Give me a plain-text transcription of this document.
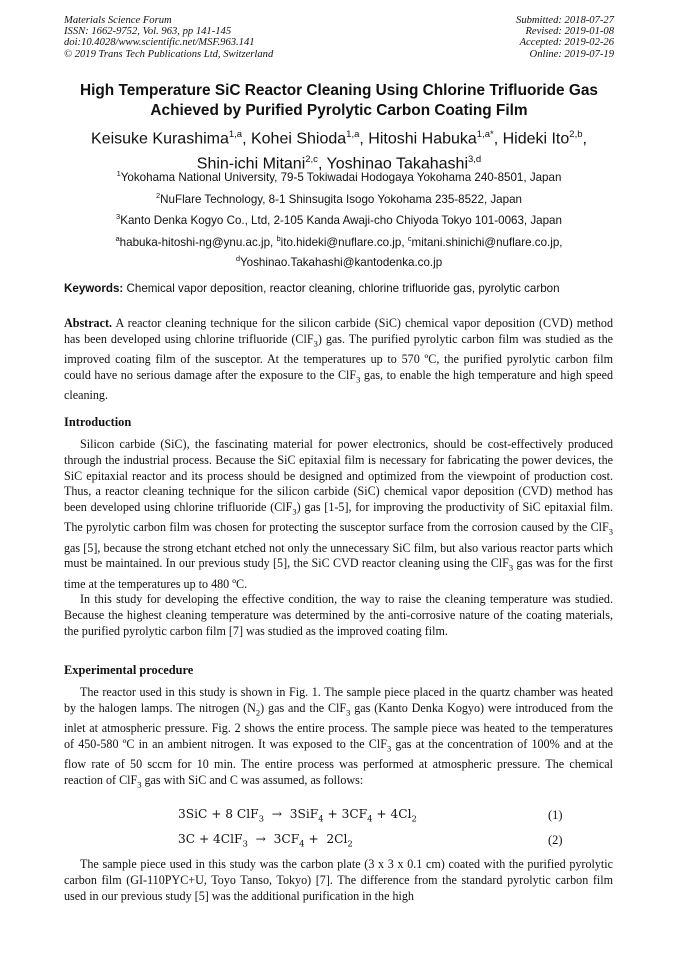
Materials Science Forum
ISSN: 1662-9752, Vol. 963, pp 141-145
doi:10.4028/www.scientific.net/MSF.963.141
© 2019 Trans Tech Publications Ltd, Switzerland
Submitted: 2018-07-27
Revised: 2019-01-08
Accepted: 2019-02-26
Online: 2019-07-19
High Temperature SiC Reactor Cleaning Using Chlorine Trifluoride Gas
Achieved by Purified Pyrolytic Carbon Coating Film
Keisuke Kurashima$^{1,a}$, Kohei Shioda$^{1,a}$, Hitoshi Habuka$^{1,a*}$, Hideki Ito$^{2,b}$,
Shin-ichi Mitani$^{2,c}$, Yoshinao Takahashi$^{3,d}$
$^1$Yokohama National University, 79-5 Tokiwadai Hodogaya Yokohama 240-8501, Japan
$^2$NuFlare Technology, 8-1 Shinsugita Isogo Yokohama 235-8522, Japan
$^3$Kanto Denka Kogyo Co., Ltd, 2-105 Kanda Awaji-cho Chiyoda Tokyo 101-0063, Japan
$^a$habuka-hitoshi-ng@ynu.ac.jp, $^b$ito.hideki@nuflare.co.jp, $^c$mitani.shinichi@nuflare.co.jp,
$^d$Yoshinao.Takahashi@kantodenka.co.jp
Keywords: Chemical vapor deposition, reactor cleaning, chlorine trifluoride gas, pyrolytic carbon

Abstract. A reactor cleaning technique for the silicon carbide (SiC) chemical vapor deposition (CVD) method has been developed using chlorine trifluoride (ClF$_3$) gas. The purified pyrolytic carbon film was studied as the improved coating film of the susceptor. At the temperatures up to 570 ºC, the purified pyrolytic carbon film could have no serious damage after the exposure to the ClF$_3$ gas, to enable the high temperature and high speed cleaning.

Introduction

Silicon carbide (SiC), the fascinating material for power electronics, should be cost-effectively produced through the industrial process. Because the SiC epitaxial film is necessary for fabricating the power devices, the SiC epitaxial reactor and its process should be designed and optimized from the viewpoint of production cost. Thus, a reactor cleaning technique for the silicon carbide (SiC) chemical vapor deposition (CVD) method has been developed using chlorine trifluoride (ClF$_3$) gas [1-5], for improving the productivity of SiC epitaxial film. The pyrolytic carbon film was chosen for protecting the susceptor surface from the corrosion caused by the ClF$_3$ gas [5], because the strong etchant etched not only the unnecessary SiC film, but also various reactor parts which must be maintained. In our previous study [5], the SiC CVD reactor cleaning using the ClF$_3$ gas was for the first time at the temperatures up to 480 ºC.

In this study for developing the effective condition, the way to raise the cleaning temperature was studied. Because the highest cleaning temperature was determined by the anti-corrosive nature of the coating materials, the purified pyrolytic carbon film [7] was studied as the improved coating film.

Experimental procedure

The reactor used in this study is shown in Fig. 1. The sample piece placed in the quartz chamber was heated by the halogen lamps. The nitrogen $(N_2)$ gas and the ClF$_3$ gas (Kanto Denka Kogyo) were introduced from the inlet at atmospheric pressure. Fig. 2 shows the entire process. The sample piece was heated to the temperatures of 450-580 ºC in an ambient nitrogen. It was exposed to the ClF$_3$ gas at the concentration of 100% and at the flow rate of 50 sccm for 10 min. The entire process was performed at atmospheric pressure. The chemical reaction of ClF$_3$ gas with SiC and C was assumed, as follows:

3SiC + 8 $ClF_3 \to 3SiF_4 + 3CF_4 + 4Cl_2$	(1)
$3C + 4ClF_3 \to 3CF_4 + 2Cl_2$	(2)

The sample piece used in this study was the carbon plate (3 x 3 x 0.1 cm) coated with the purified pyrolytic carbon film (GI-110PYC+U, Toyo Tanso, Tokyo) [7]. The difference from the standard pyrolytic carbon film used in our previous study [5] was the additional purification in the high
